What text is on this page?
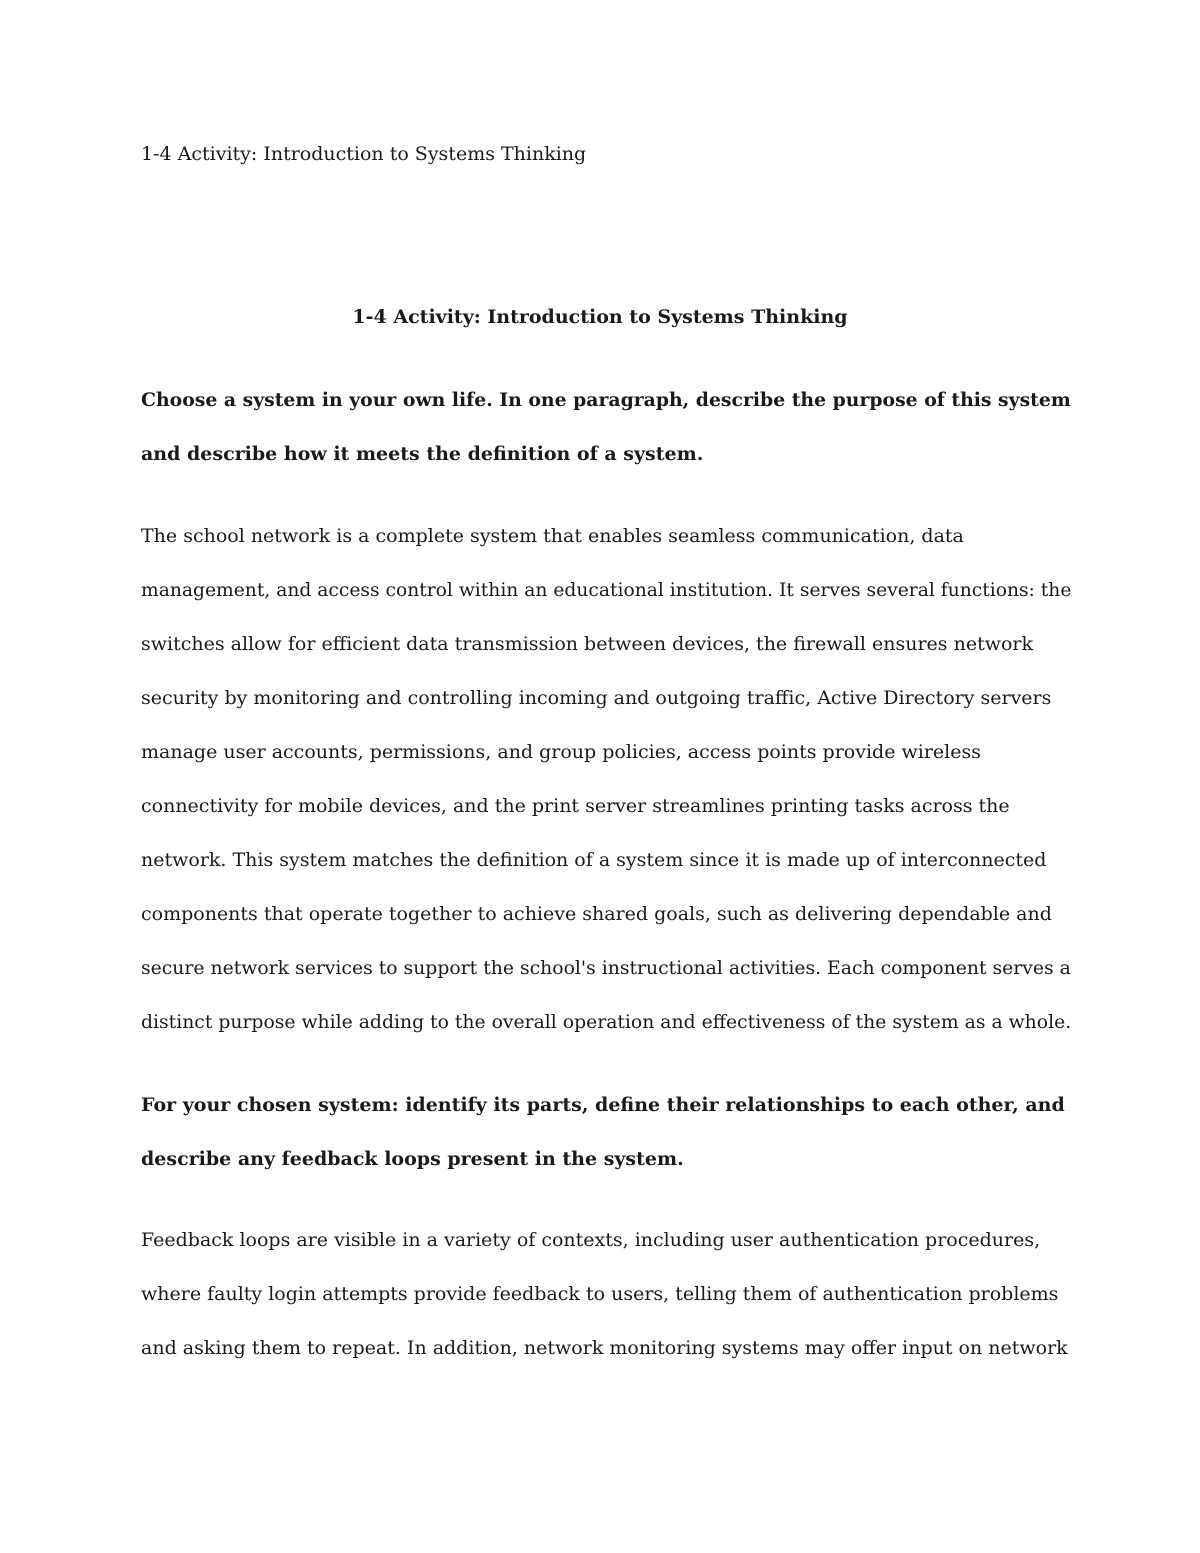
1-4 Activity: Introduction to Systems Thinking
1-4 Activity: Introduction to Systems Thinking
Choose a system in your own life. In one paragraph, describe the purpose of this system
and describe how it meets the definition of a system.
The school network is a complete system that enables seamless communication, data
management, and access control within an educational institution. It serves several functions: the
switches allow for efficient data transmission between devices, the firewall ensures network
security by monitoring and controlling incoming and outgoing traffic, Active Directory servers
manage user accounts, permissions, and group policies, access points provide wireless
connectivity for mobile devices, and the print server streamlines printing tasks across the
network. This system matches the definition of a system since it is made up of interconnected
components that operate together to achieve shared goals, such as delivering dependable and
secure network services to support the school's instructional activities. Each component serves a
distinct purpose while adding to the overall operation and effectiveness of the system as a whole.
For your chosen system: identify its parts, define their relationships to each other, and
describe any feedback loops present in the system.
Feedback loops are visible in a variety of contexts, including user authentication procedures,
where faulty login attempts provide feedback to users, telling them of authentication problems
and asking them to repeat. In addition, network monitoring systems may offer input on network
